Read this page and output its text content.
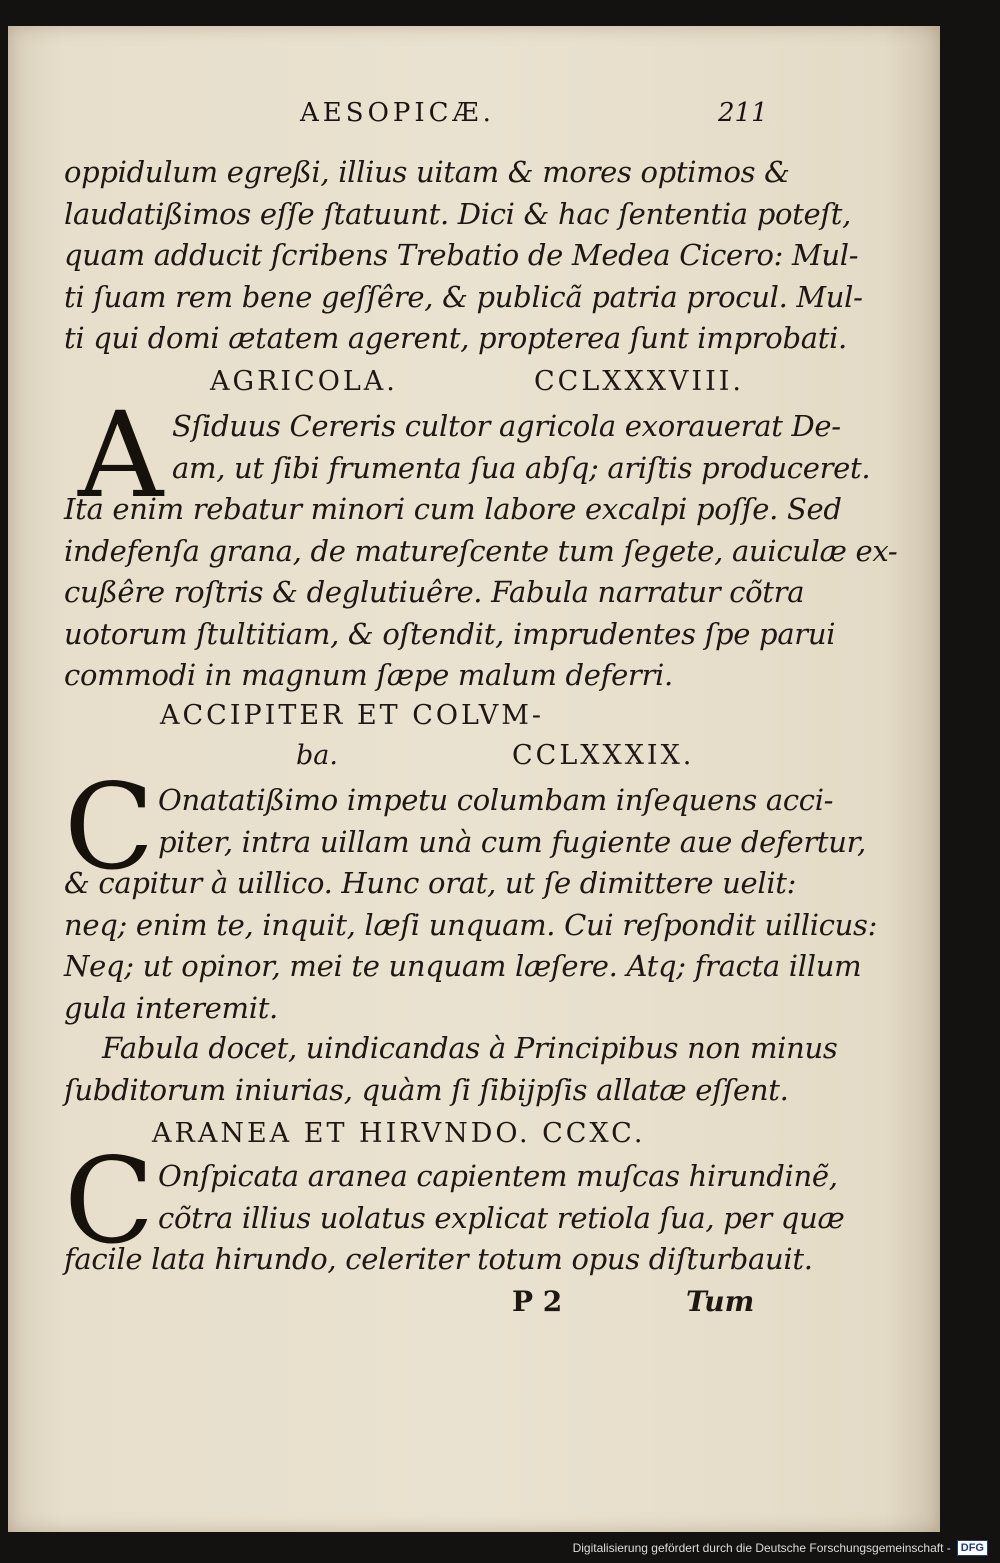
AESOPICÆ.	211
oppidulum egreßi, illius uitam & mores optimos &
laudatißimos eſſe ſtatuunt. Dici & hac ſententia poteſt,
quam adducit ſcribens Trebatio de Medea Cicero: Mul-
ti ſuam rem bene geſſêre, & publicã patria procul. Mul-
ti qui domi ætatem agerent, propterea ſunt improbati.
AGRICOLA.	CCLXXXVIII.
A Sſiduus Cereris cultor agricola exorauerat De-
am, ut ſibi frumenta ſua abſq; ariſtis produceret.
Ita enim rebatur minori cum labore excalpi poſſe. Sed
indefenſa grana, de matureſcente tum ſegete, auiculæ ex-
cußêre roſtris & deglutiuêre. Fabula narratur cõtra
uotorum ſtultitiam, & oſtendit, imprudentes ſpe parui
commodi in magnum ſæpe malum deferri.
ACCIPITER ET COLVM-
ba.	CCLXXXIX.
C Onatatißimo impetu columbam inſequens acci-
piter, intra uillam unà cum fugiente aue defertur,
& capitur à uillico. Hunc orat, ut ſe dimittere uelit:
neq; enim te, inquit, læſi unquam. Cui reſpondit uillicus:
Neq; ut opinor, mei te unquam læſere. Atq; fracta illum
gula interemit.
Fabula docet, uindicandas à Principibus non minus
ſubditorum iniurias, quàm ſi ſibijpſis allatæ eſſent.
ARANEA ET HIRVNDO. CCXC.
C Onſpicata aranea capientem muſcas hirundinẽ,
cõtra illius uolatus explicat retiola ſua, per quæ
facile lata hirundo, celeriter totum opus diſturbauit.
P 2	Tum
Digitalisierung gefördert durch die Deutsche Forschungsgemeinschaft - DFG
